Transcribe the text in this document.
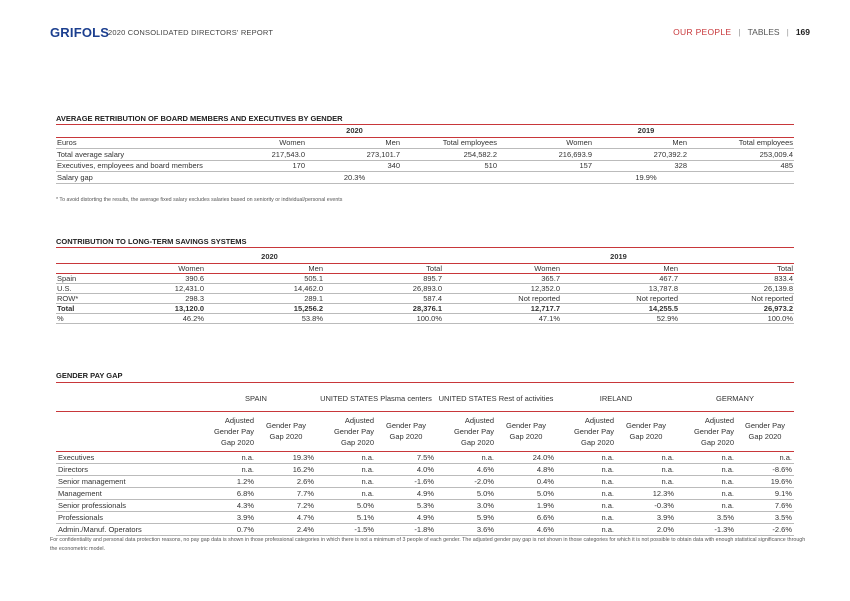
GRIFOLS
2020 CONSOLIDATED DIRECTORS' REPORT	OUR PEOPLE | TABLES | 169
AVERAGE RETRIBUTION OF BOARD MEMBERS AND EXECUTIVES BY GENDER
	2020			2019		
Euros	Women	Men	Total employees	Women	Men	Total employees
Total average salary	217,543.0	273,101.7	254,582.2	216,693.9	270,392.2	253,009.4
Executives, employees and board members	170	340	510	157	328	485
Salary gap	20.3%			19.9%		
* To avoid distorting the results, the average fixed salary excludes salaries based on seniority or individual/personal events
CONTRIBUTION TO LONG-TERM SAVINGS SYSTEMS
	2020			2019		
	Women	Men	Total	Women	Men	Total
Spain	390.6	505.1	895.7	365.7	467.7	833.4
U.S.	12,431.0	14,462.0	26,893.0	12,352.0	13,787.8	26,139.8
ROW*	298.3	289.1	587.4	Not reported	Not reported	Not reported
Total	13,120.0	15,256.2	28,376.1	12,717.7	14,255.5	26,973.2
%	46.2%	53.8%	100.0%	47.1%	52.9%	100.0%
GENDER PAY GAP
	SPAIN		UNITED STATES Plasma centers		UNITED STATES Rest of activities		IRELAND		GERMANY	
	Adjusted Gender Pay Gap 2020	Gender Pay Gap 2020	Adjusted Gender Pay Gap 2020	Gender Pay Gap 2020	Adjusted Gender Pay Gap 2020	Gender Pay Gap 2020	Adjusted Gender Pay Gap 2020	Gender Pay Gap 2020	Adjusted Gender Pay Gap 2020	Gender Pay Gap 2020
Executives	n.a.	19.3%	n.a.	7.5%	n.a.	24.0%	n.a.	n.a.	n.a.	n.a.
Directors	n.a.	16.2%	n.a.	4.0%	4.6%	4.8%	n.a.	n.a.	n.a.	-8.6%
Senior management	1.2%	2.6%	n.a.	-1.6%	-2.0%	0.4%	n.a.	n.a.	n.a.	19.6%
Management	6.8%	7.7%	n.a.	4.9%	5.0%	5.0%	n.a.	12.3%	n.a.	9.1%
Senior professionals	4.3%	7.2%	5.0%	5.3%	3.0%	1.9%	n.a.	-0.3%	n.a.	7.6%
Professionals	3.9%	4.7%	5.1%	4.9%	5.9%	6.6%	n.a.	3.9%	3.5%	3.5%
Admin./Manuf. Operators	0.7%	2.4%	-1.5%	-1.8%	3.6%	4.6%	n.a.	2.0%	-1.3%	-2.6%
For confidentiality and personal data protection reasons, no pay gap data is shown in those professional categories in which there is not a minimum of 3 people of each gender. The adjusted gender pay gap is not shown in those categories for which it is not possible to obtain data with enough statistical significance through the econometric model.
